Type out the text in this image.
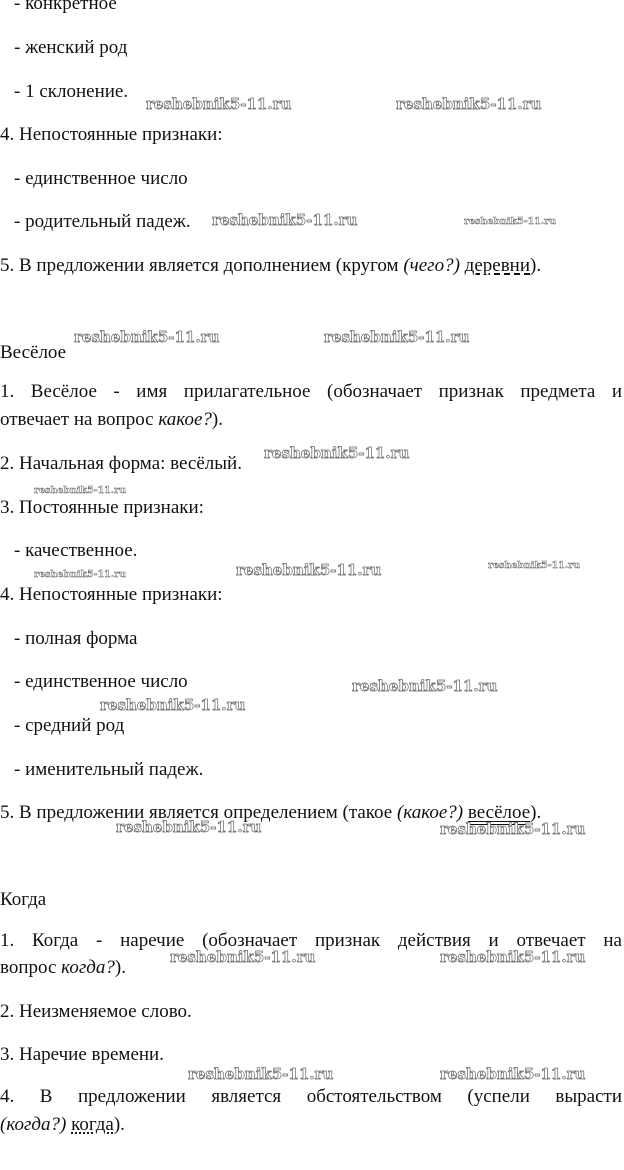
- конкретное
- женский род
- 1 склонение.
4. Непостоянные признаки:
- единственное число
- родительный падеж.
5. В предложении является дополнением (кругом (чего?) деревни).
Весёлое
1. Весёлое - имя прилагательное (обозначает признак предмета и
отвечает на вопрос какое?).
2. Начальная форма: весёлый.
3. Постоянные признаки:
- качественное.
4. Непостоянные признаки:
- полная форма
- единственное число
- средний род
- именительный падеж.
5. В предложении является определением (такое (какое?) весёлое).
Когда
1. Когда - наречие (обозначает признак действия и отвечает на
вопрос когда?).
2. Неизменяемое слово.
3. Наречие времени.
4. В предложении является обстоятельством (успели вырасти
(когда?) когда).
reshebnik5-11.ru	reshebnik5-11.ru
reshebnik5-11.ru	reshebnik5-11.ru
reshebnik5-11.ru	reshebnik5-11.ru
reshebnik5-11.ru
reshebnik5-11.ru
reshebnik5-11.ru	reshebnik5-11.ru
reshebnik5-11.ru
reshebnik5-11.ru
reshebnik5-11.ru
reshebnik5-11.ru	reshebnik5-11.ru
reshebnik5-11.ru	reshebnik5-11.ru
reshebnik5-11.ru	reshebnik5-11.ru
